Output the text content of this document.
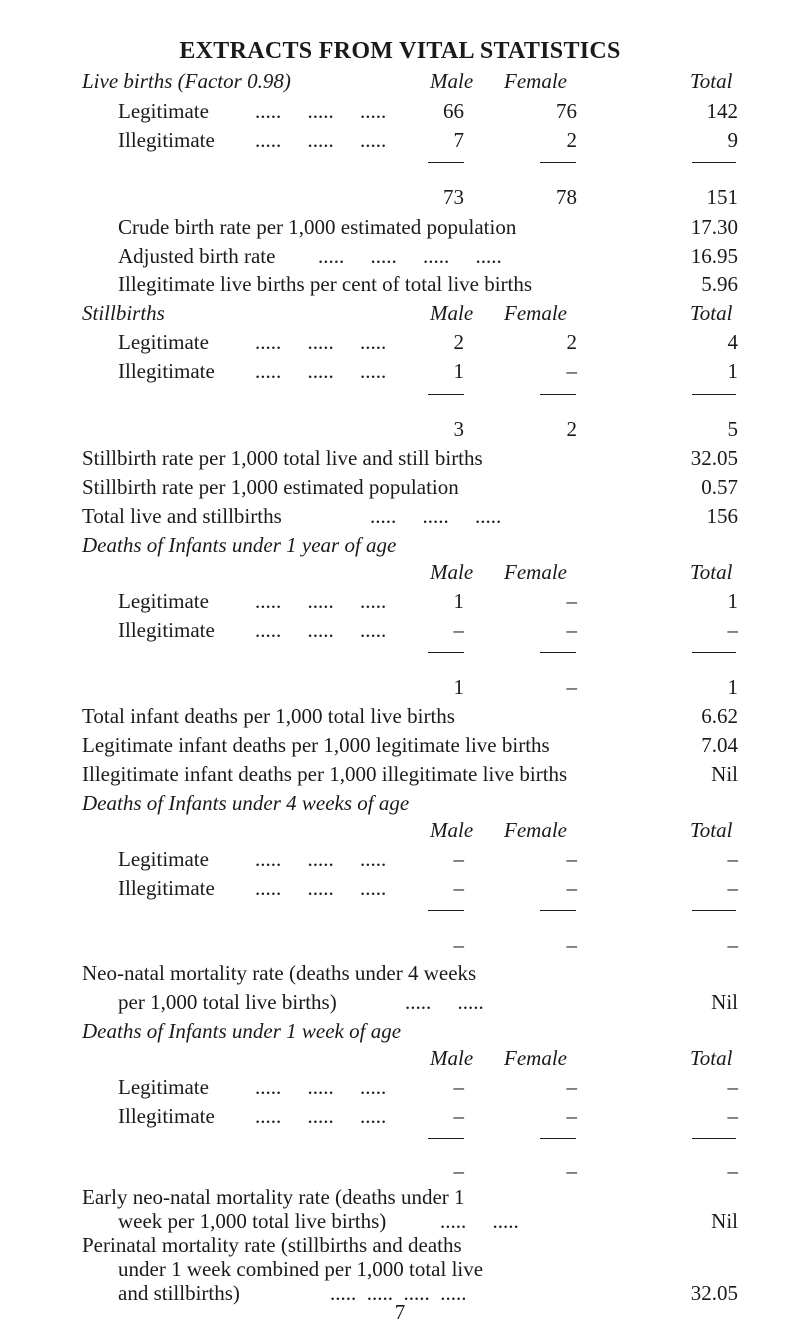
EXTRACTS FROM VITAL STATISTICS
Live births (Factor 0.98)	Male Female	Total
Legitimate .....     .....     .....	66	76	142
Illegitimate .....     .....     .....	7	2	9
73	78	151
Crude birth rate per 1,000 estimated population	17.30
Adjusted birth rate .....     .....     .....     .....	16.95
Illegitimate live births per cent of total live births	5.96
Stillbirths	Male Female	Total
Legitimate .....     .....     .....	2	2	4
Illegitimate .....     .....     .....	1	–	1
3	2	5
Stillbirth rate per 1,000 total live and still births	32.05
Stillbirth rate per 1,000 estimated population	0.57
Total live and stillbirths	.....     .....     .....	156
Deaths of Infants under 1 year of age
Male Female	Total
Legitimate .....     .....     .....	1	–	1
Illegitimate .....     .....     .....	–	–	–
1	–	1
Total infant deaths per 1,000 total live births	6.62
Legitimate infant deaths per 1,000 legitimate live births	7.04
Illegitimate infant deaths per 1,000 illegitimate live births	Nil
Deaths of Infants under 4 weeks of age
Male Female	Total
Legitimate .....     .....     .....	–	–	–
Illegitimate .....     .....     .....	–	–	–
–	–	–
Neo-natal mortality rate (deaths under 4 weeks
per 1,000 total live births)	.....     .....	Nil
Deaths of Infants under 1 week of age
Male Female	Total
Legitimate .....     .....     .....	–	–	–
Illegitimate .....     .....     .....	–	–	–
–	–	–
Early neo-natal mortality rate (deaths under 1
week per 1,000 total live births)	.....     .....	Nil
Perinatal mortality rate (stillbirths and deaths
under 1 week combined per 1,000 total live
and stillbirths)	.....  .....  .....  .....	32.05
7
